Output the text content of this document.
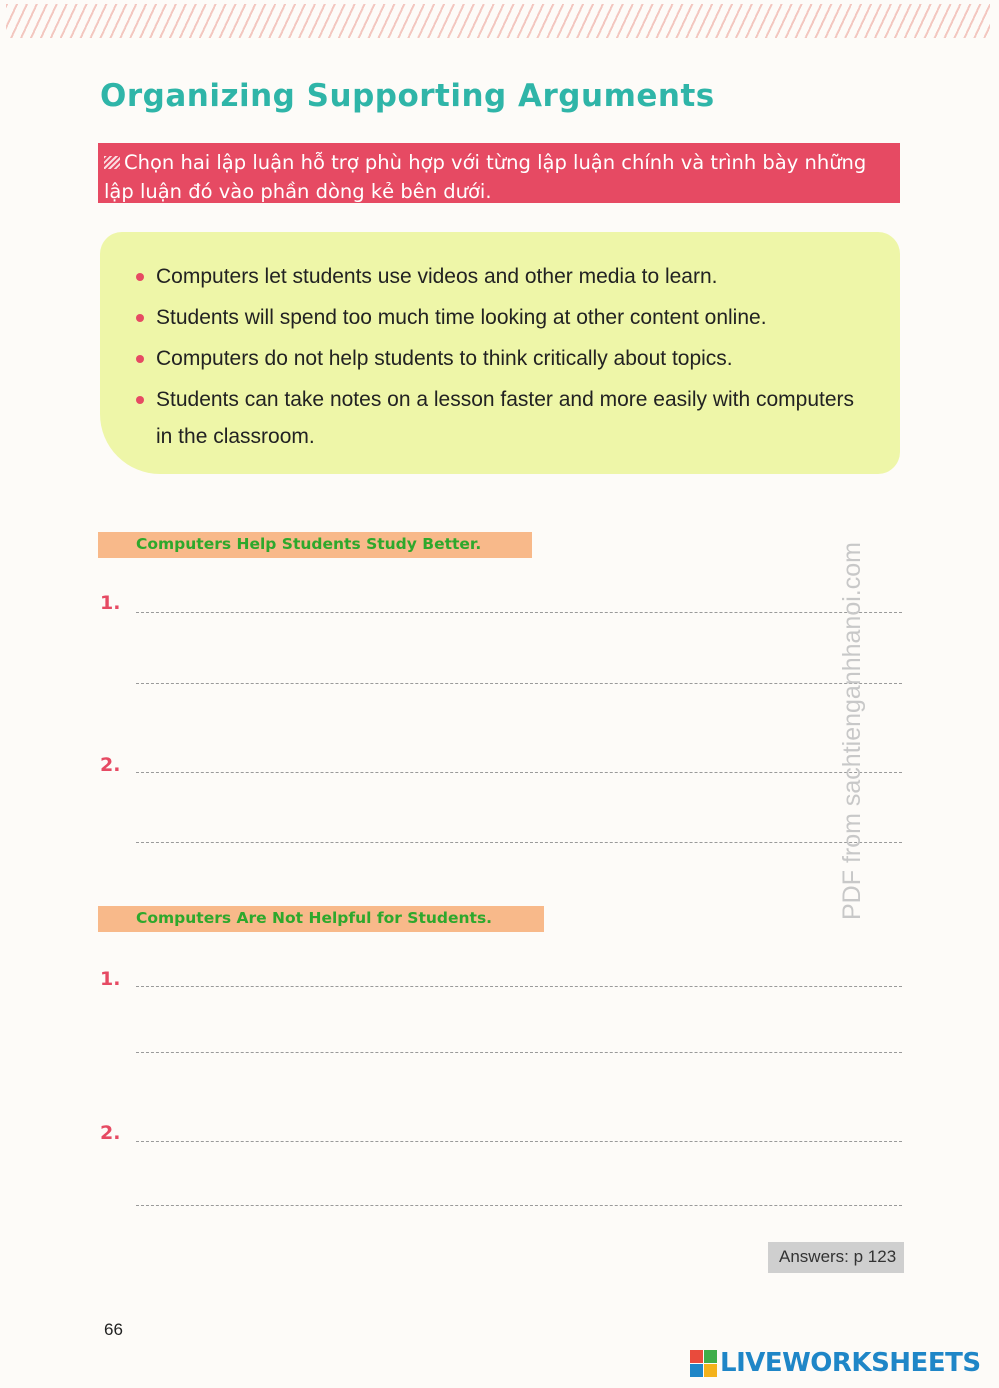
Organizing Supporting Arguments
Chọn hai lập luận hỗ trợ phù hợp với từng lập luận chính và trình bày những lập luận đó vào phần dòng kẻ bên dưới.
Computers let students use videos and other media to learn.
Students will spend too much time looking at other content online.
Computers do not help students to think critically about topics.
Students can take notes on a lesson faster and more easily with computers in the classroom.
Computers Help Students Study Better.
1.
2.
Computers Are Not Helpful for Students.
1.
2.
Answers: p 123
66
PDF from sachtienganhhanoi.com
LIVEWORKSHEETS
